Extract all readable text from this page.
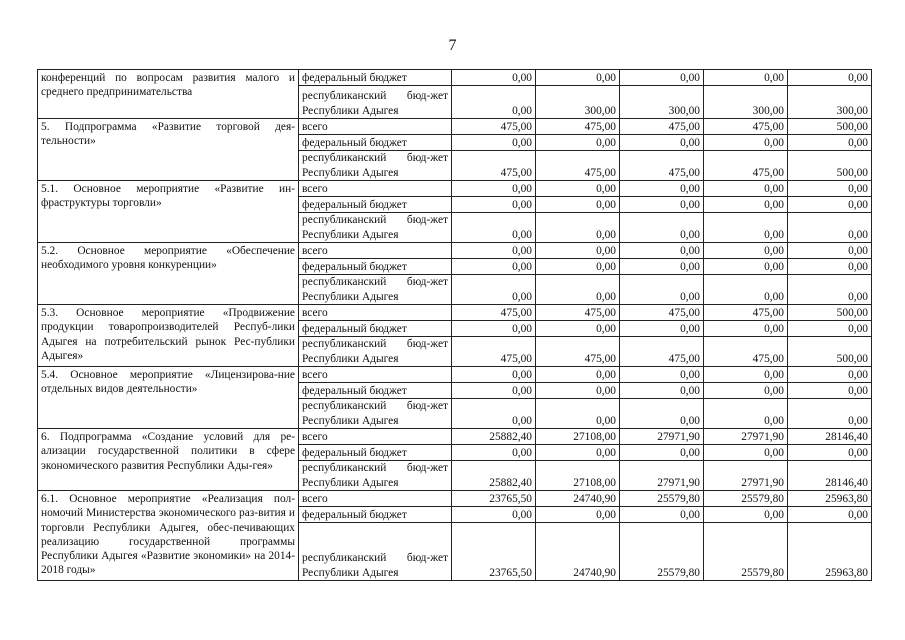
7
конференций по вопросам развития малого и среднего предпринимательства	федеральный бюджет	0,00	0,00	0,00	0,00	0,00
	республиканский бюд-жет Республики Адыгея	0,00	300,00	300,00	300,00	300,00
5. Подпрограмма «Развитие торговой дея-тельности»	всего	475,00	475,00	475,00	475,00	500,00
	федеральный бюджет	0,00	0,00	0,00	0,00	0,00
	республиканский бюд-жет Республики Адыгея	475,00	475,00	475,00	475,00	500,00
5.1. Основное мероприятие «Развитие ин-фраструктуры торговли»	всего	0,00	0,00	0,00	0,00	0,00
	федеральный бюджет	0,00	0,00	0,00	0,00	0,00
	республиканский бюд-жет Республики Адыгея	0,00	0,00	0,00	0,00	0,00
5.2. Основное мероприятие «Обеспечение необходимого уровня конкуренции»	всего	0,00	0,00	0,00	0,00	0,00
	федеральный бюджет	0,00	0,00	0,00	0,00	0,00
	республиканский бюд-жет Республики Адыгея	0,00	0,00	0,00	0,00	0,00
5.3. Основное мероприятие «Продвижение продукции товаропроизводителей Респуб-лики Адыгея на потребительский рынок Рес-публики Адыгея»	всего	475,00	475,00	475,00	475,00	500,00
	федеральный бюджет	0,00	0,00	0,00	0,00	0,00
	республиканский бюд-жет Республики Адыгея	475,00	475,00	475,00	475,00	500,00
5.4. Основное мероприятие «Лицензирова-ние отдельных видов деятельности»	всего	0,00	0,00	0,00	0,00	0,00
	федеральный бюджет	0,00	0,00	0,00	0,00	0,00
	республиканский бюд-жет Республики Адыгея	0,00	0,00	0,00	0,00	0,00
6. Подпрограмма «Создание условий для ре-ализации государственной политики в сфере экономического развития Республики Ады-гея»	всего	25882,40	27108,00	27971,90	27971,90	28146,40
	федеральный бюджет	0,00	0,00	0,00	0,00	0,00
	республиканский бюд-жет Республики Адыгея	25882,40	27108,00	27971,90	27971,90	28146,40
6.1. Основное мероприятие «Реализация пол-номочий Министерства экономического раз-вития и торговли Республики Адыгея, обес-печивающих реализацию государственной программы Республики Адыгея «Развитие экономики» на 2014-2018 годы»	всего	23765,50	24740,90	25579,80	25579,80	25963,80
	федеральный бюджет	0,00	0,00	0,00	0,00	0,00
	республиканский бюд-жет Республики Адыгея	23765,50	24740,90	25579,80	25579,80	25963,80
